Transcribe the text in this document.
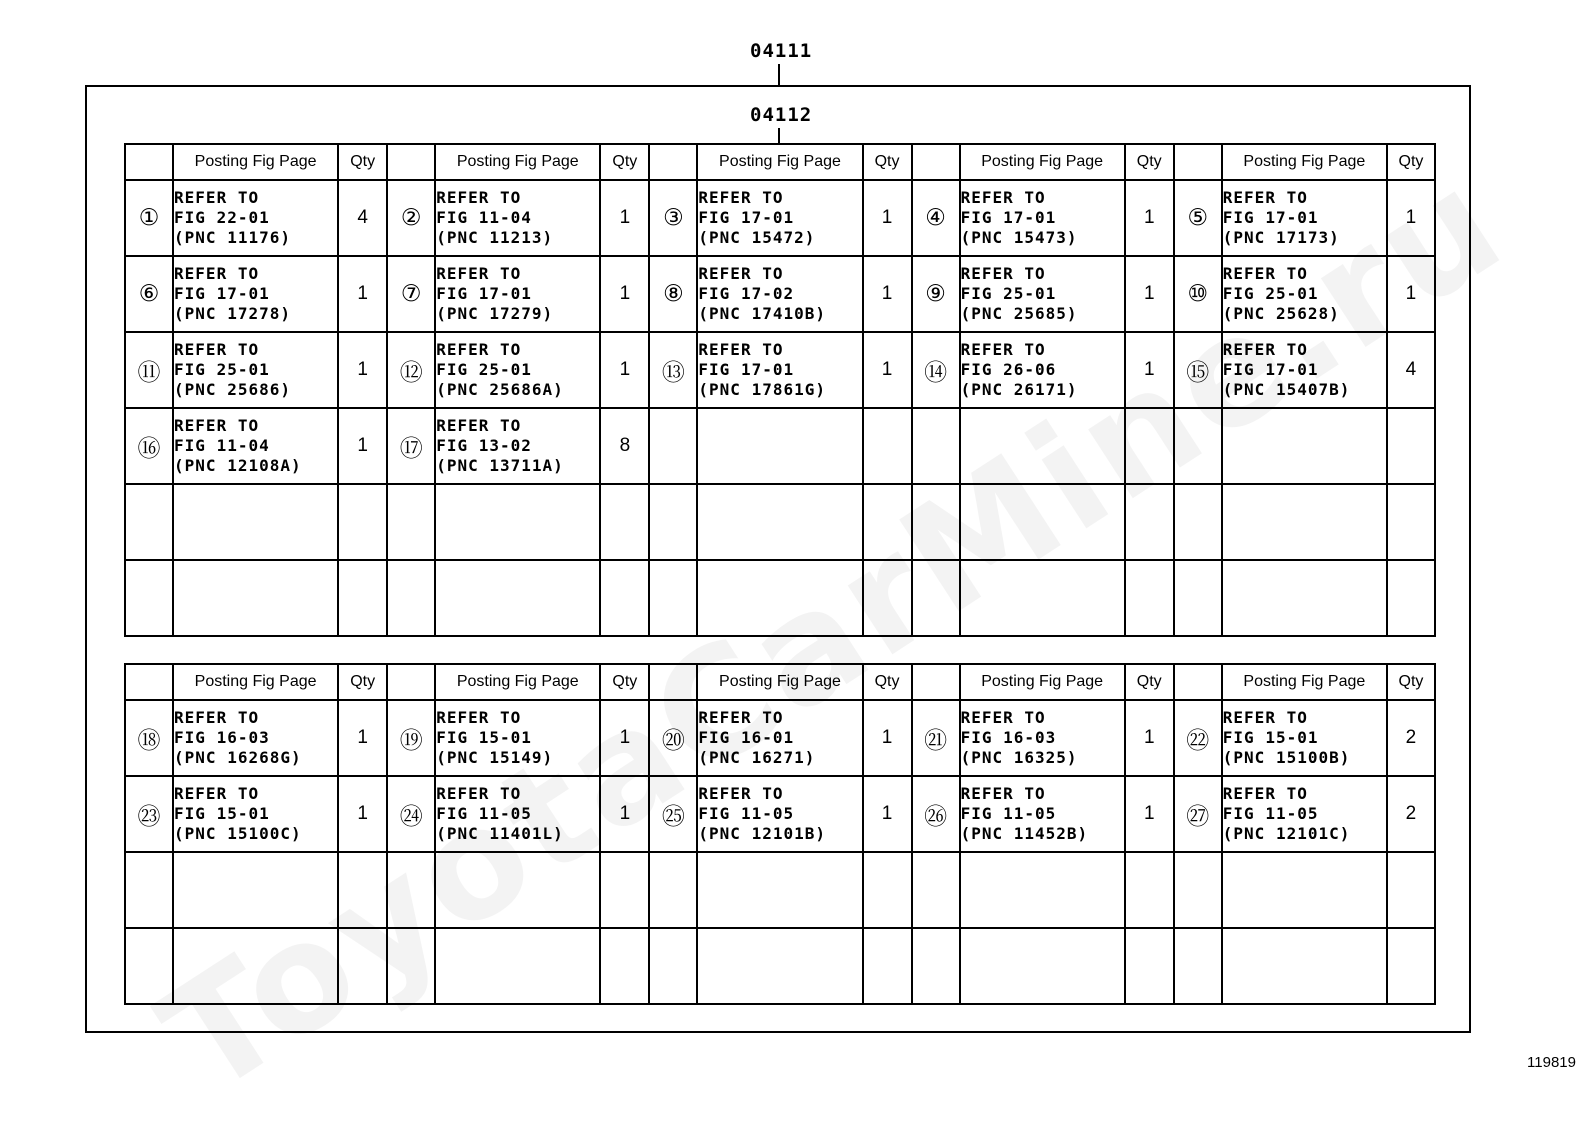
04111
04112
	Posting Fig Page	Qty		Posting Fig Page	Qty		Posting Fig Page	Qty		Posting Fig Page	Qty		Posting Fig Page	Qty
①	REFER TO
FIG 22-01
(PNC 11176)	4	②	REFER TO
FIG 11-04
(PNC 11213)	1	③	REFER TO
FIG 17-01
(PNC 15472)	1	④	REFER TO
FIG 17-01
(PNC 15473)	1	⑤	REFER TO
FIG 17-01
(PNC 17173)	1
⑥	REFER TO
FIG 17-01
(PNC 17278)	1	⑦	REFER TO
FIG 17-01
(PNC 17279)	1	⑧	REFER TO
FIG 17-02
(PNC 17410B)	1	⑨	REFER TO
FIG 25-01
(PNC 25685)	1	⑩	REFER TO
FIG 25-01
(PNC 25628)	1
⑪	REFER TO
FIG 25-01
(PNC 25686)	1	⑫	REFER TO
FIG 25-01
(PNC 25686A)	1	⑬	REFER TO
FIG 17-01
(PNC 17861G)	1	⑭	REFER TO
FIG 26-06
(PNC 26171)	1	⑮	REFER TO
FIG 17-01
(PNC 15407B)	4
⑯	REFER TO
FIG 11-04
(PNC 12108A)	1	⑰	REFER TO
FIG 13-02
(PNC 13711A)	8		

	Posting Fig Page	Qty		Posting Fig Page	Qty		Posting Fig Page	Qty		Posting Fig Page	Qty		Posting Fig Page	Qty
⑱	REFER TO
FIG 16-03
(PNC 16268G)	1	⑲	REFER TO
FIG 15-01
(PNC 15149)	1	⑳	REFER TO
FIG 16-01
(PNC 16271)	1	㉑	REFER TO
FIG 16-03
(PNC 16325)	1	㉒	REFER TO
FIG 15-01
(PNC 15100B)	2
㉓	REFER TO
FIG 15-01
(PNC 15100C)	1	㉔	REFER TO
FIG 11-05
(PNC 11401L)	1	㉕	REFER TO
FIG 11-05
(PNC 12101B)	1	㉖	REFER TO
FIG 11-05
(PNC 11452B)	1	㉗	REFER TO
FIG 11-05
(PNC 12101C)	2

119819
